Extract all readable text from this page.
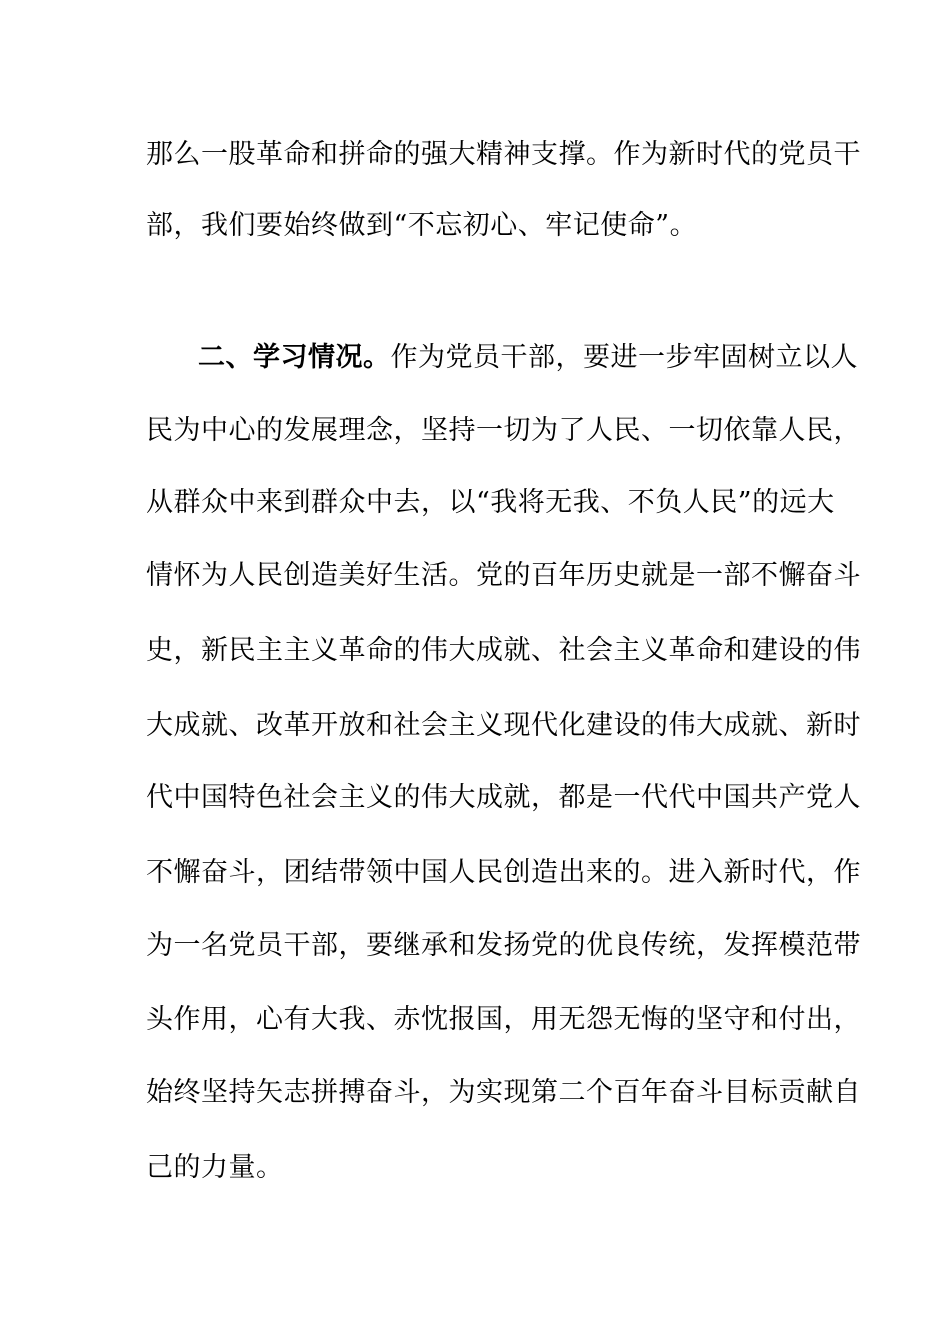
那么一股革命和拼命的强大精神支撑。作为新时代的党员干
部，我们要始终做到“不忘初心、牢记使命”。
二、学习情况。作为党员干部，要进一步牢固树立以人
民为中心的发展理念，坚持一切为了人民、一切依靠人民，
从群众中来到群众中去，以“我将无我、不负人民”的远大
情怀为人民创造美好生活。党的百年历史就是一部不懈奋斗
史，新民主主义革命的伟大成就、社会主义革命和建设的伟
大成就、改革开放和社会主义现代化建设的伟大成就、新时
代中国特色社会主义的伟大成就，都是一代代中国共产党人
不懈奋斗，团结带领中国人民创造出来的。进入新时代，作
为一名党员干部，要继承和发扬党的优良传统，发挥模范带
头作用，心有大我、赤忱报国，用无怨无悔的坚守和付出，
始终坚持矢志拼搏奋斗，为实现第二个百年奋斗目标贡献自
己的力量。
